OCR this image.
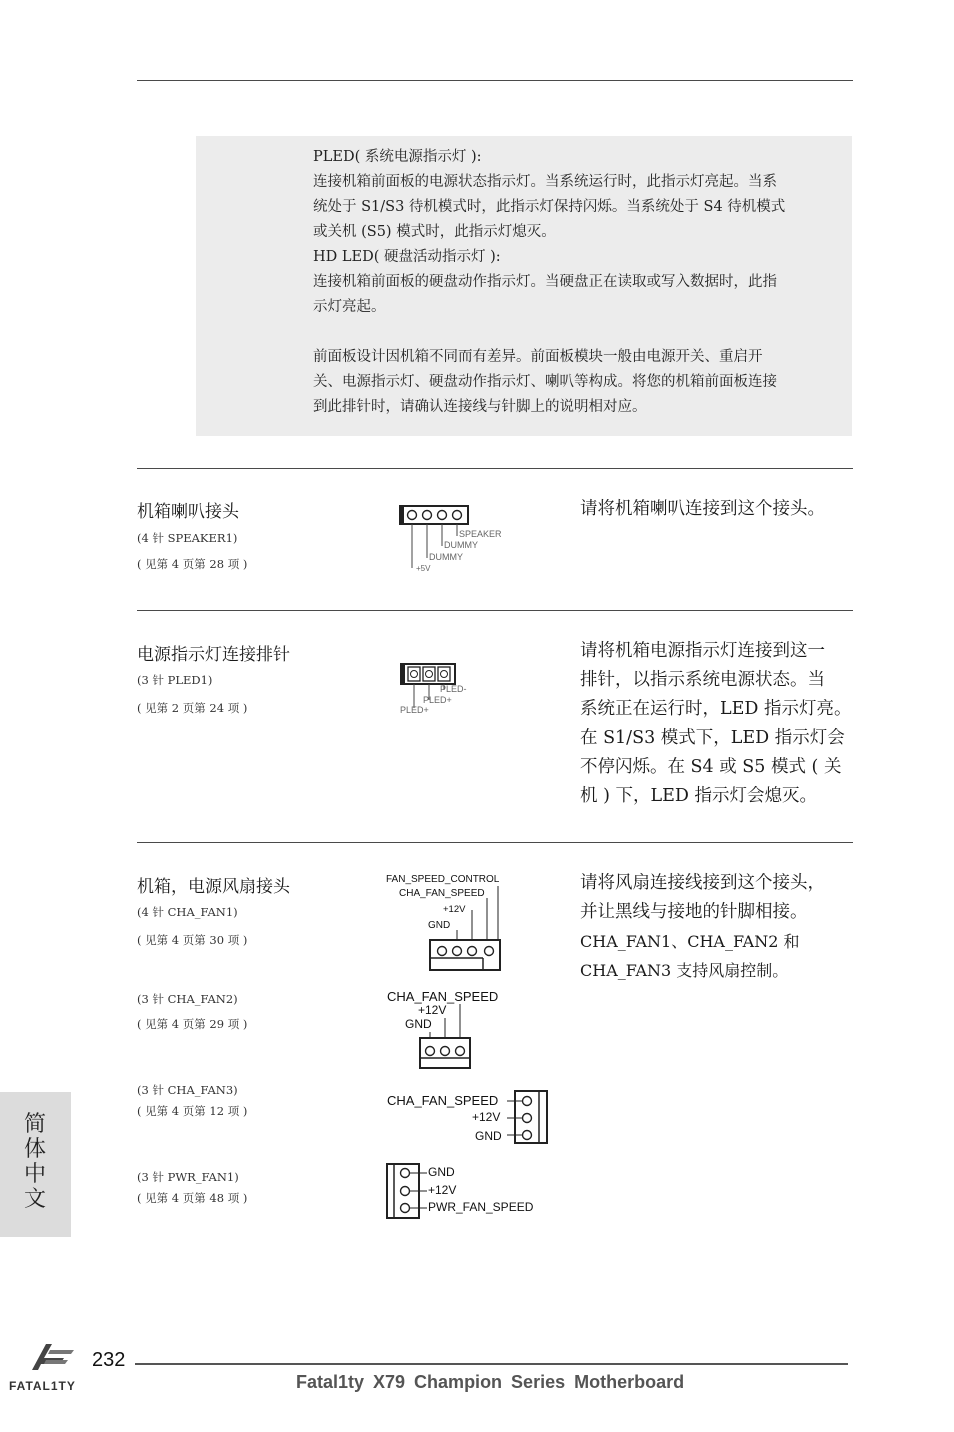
PLED( 系统电源指示灯 ):

连接机箱前面板的电源状态指示灯。当系统运行时，此指示灯亮起。当系

统处于 S1/S3 待机模式时，此指示灯保持闪烁。当系统处于 S4 待机模式

或关机 (S5) 模式时，此指示灯熄灭。

HD LED( 硬盘活动指示灯 ):

连接机箱前面板的硬盘动作指示灯。当硬盘正在读取或写入数据时，此指

示灯亮起。

前面板设计因机箱不同而有差异。前面板模块一般由电源开关、重启开

关、电源指示灯、硬盘动作指示灯、喇叭等构成。将您的机箱前面板连接

到此排针时，请确认连接线与针脚上的说明相对应。

机箱喇叭接头
(4 针 SPEAKER1)
( 见第 4 页第 28 项 )
请将机箱喇叭连接到这个接头。
SPEAKER
DUMMY
DUMMY
+5V
电源指示灯连接排针
(3 针 PLED1)
( 见第 2 页第 24 项 )
请将机箱电源指示灯连接到这一
排针，以指示系统电源状态。当
系统正在运行时，LED 指示灯亮。
在 S1/S3 模式下，LED 指示灯会
不停闪烁。在 S4 或 S5 模式 ( 关
机 ) 下，LED 指示灯会熄灭。
PLED-
PLED+
PLED+
机箱，电源风扇接头
(4 针 CHA_FAN1)
( 见第 4 页第 30 项 )
(3 针 CHA_FAN2)
( 见第 4 页第 29 项 )
(3 针 CHA_FAN3)
( 见第 4 页第 12 项 )
(3 针 PWR_FAN1)
( 见第 4 页第 48 项 )
请将风扇连接线接到这个接头，
并让黑线与接地的针脚相接。
CHA_FAN1、CHA_FAN2 和
CHA_FAN3 支持风扇控制。
FAN_SPEED_CONTROL
CHA_FAN_SPEED
+12V
GND
CHA_FAN_SPEED
+12V
GND
CHA_FAN_SPEED
+12V
GND
GND
+12V
PWR_FAN_SPEED
简体中文
FATAL1TY
232
Fatal1ty X79 Champion Series Motherboard
